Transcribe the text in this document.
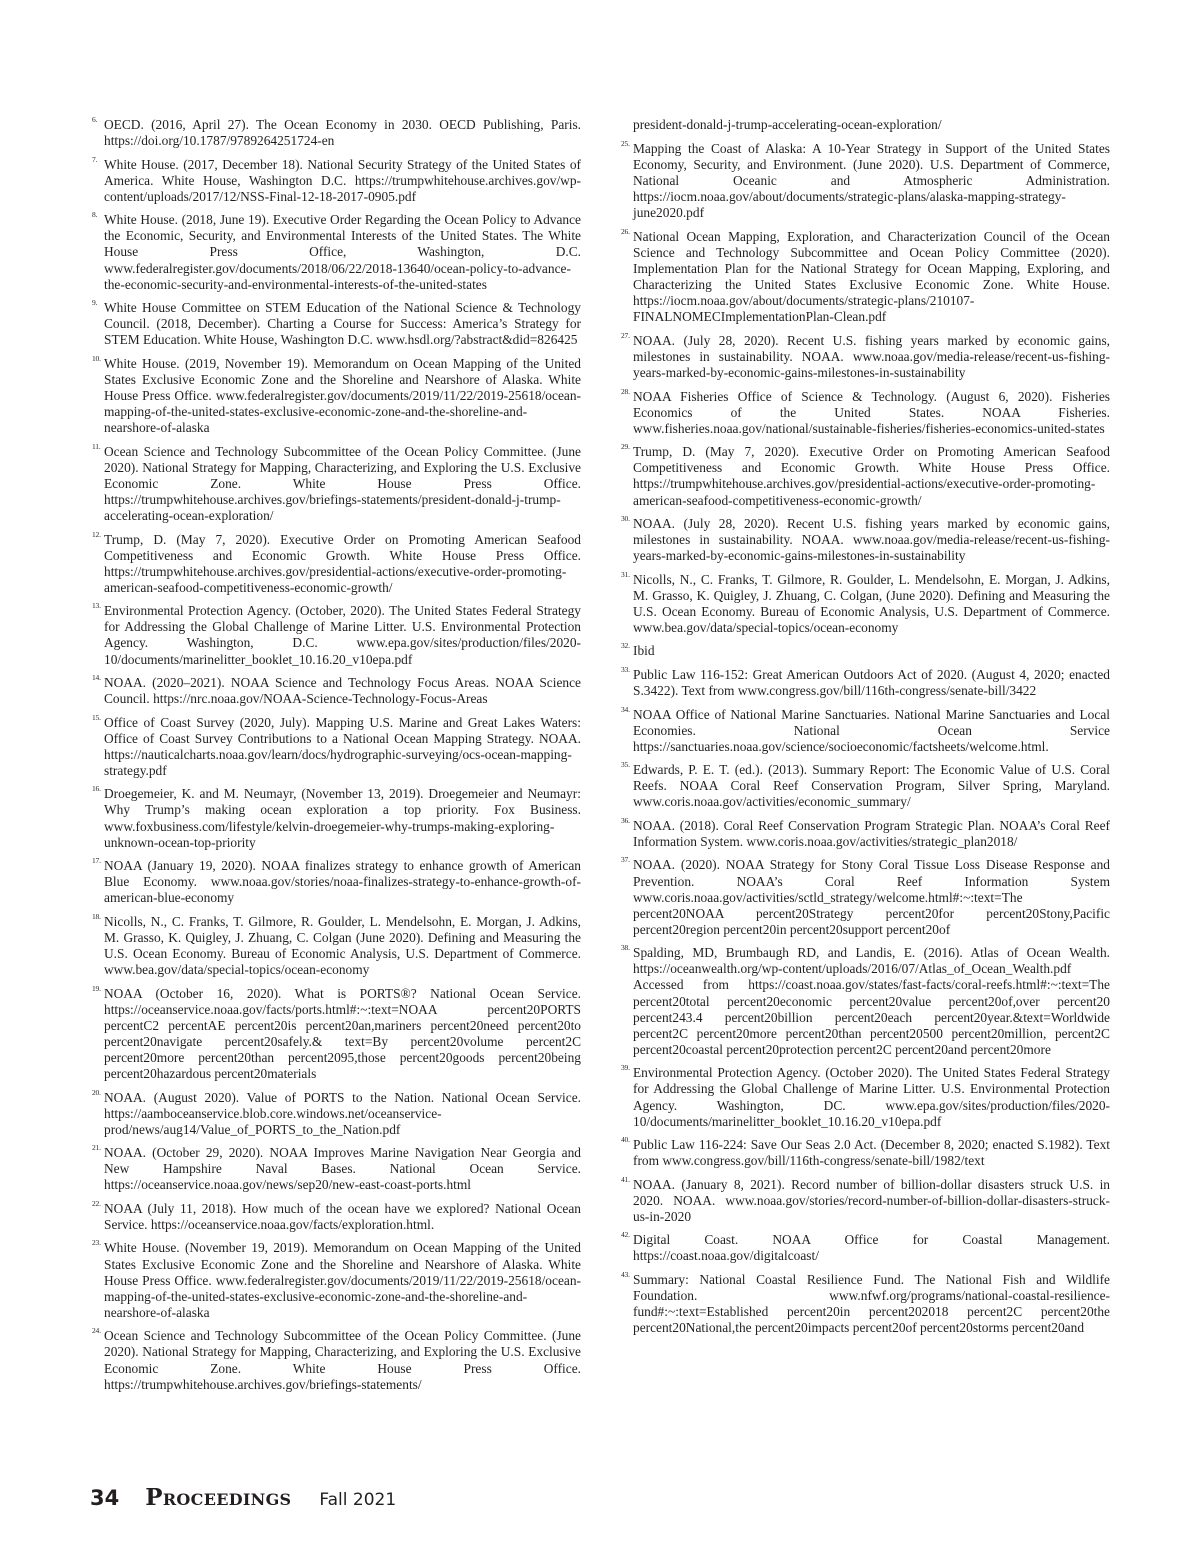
6. OECD. (2016, April 27). The Ocean Economy in 2030. OECD Publishing, Paris. https://doi.org/10.1787/9789264251724-en
7. White House. (2017, December 18). National Security Strategy of the United States of America. White House, Washington D.C. https://trumpwhitehouse.archives.gov/wp-content/uploads/2017/12/NSS-Final-12-18-2017-0905.pdf
8. White House. (2018, June 19). Executive Order Regarding the Ocean Policy to Advance the Economic, Security, and Environmental Interests of the United States. The White House Press Office, Washington, D.C. www.federalregister.gov/documents/2018/06/22/2018-13640/ocean-policy-to-advance-the-economic-security-and-environmental-interests-of-the-united-states
9. White House Committee on STEM Education of the National Science & Technology Council. (2018, December). Charting a Course for Success: America’s Strategy for STEM Education. White House, Washington D.C. www.hsdl.org/?abstract&did=826425
10. White House. (2019, November 19). Memorandum on Ocean Mapping of the United States Exclusive Economic Zone and the Shoreline and Nearshore of Alaska. White House Press Office. www.federalregister.gov/documents/2019/11/22/2019-25618/ocean-mapping-of-the-united-states-exclusive-economic-zone-and-the-shoreline-and-nearshore-of-alaska
11. Ocean Science and Technology Subcommittee of the Ocean Policy Committee. (June 2020). National Strategy for Mapping, Characterizing, and Exploring the U.S. Exclusive Economic Zone. White House Press Office. https://trumpwhitehouse.archives.gov/briefings-statements/president-donald-j-trump-accelerating-ocean-exploration/
12. Trump, D. (May 7, 2020). Executive Order on Promoting American Seafood Competitiveness and Economic Growth. White House Press Office. https://trumpwhitehouse.archives.gov/presidential-actions/executive-order-promoting-american-seafood-competitiveness-economic-growth/
13. Environmental Protection Agency. (October, 2020). The United States Federal Strategy for Addressing the Global Challenge of Marine Litter. U.S. Environmental Protection Agency. Washington, D.C. www.epa.gov/sites/production/files/2020-10/documents/marinelitter_booklet_10.16.20_v10epa.pdf
14. NOAA. (2020–2021). NOAA Science and Technology Focus Areas. NOAA Science Council. https://nrc.noaa.gov/NOAA-Science-Technology-Focus-Areas
15. Office of Coast Survey (2020, July). Mapping U.S. Marine and Great Lakes Waters: Office of Coast Survey Contributions to a National Ocean Mapping Strategy. NOAA. https://nauticalcharts.noaa.gov/learn/docs/hydrographic-surveying/ocs-ocean-mapping-strategy.pdf
16. Droegemeier, K. and M. Neumayr, (November 13, 2019). Droegemeier and Neumayr: Why Trump’s making ocean exploration a top priority. Fox Business. www.foxbusiness.com/lifestyle/kelvin-droegemeier-why-trumps-making-exploring-unknown-ocean-top-priority
17. NOAA (January 19, 2020). NOAA finalizes strategy to enhance growth of American Blue Economy. www.noaa.gov/stories/noaa-finalizes-strategy-to-enhance-growth-of-american-blue-economy
18. Nicolls, N., C. Franks, T. Gilmore, R. Goulder, L. Mendelsohn, E. Morgan, J. Adkins, M. Grasso, K. Quigley, J. Zhuang, C. Colgan (June 2020). Defining and Measuring the U.S. Ocean Economy. Bureau of Economic Analysis, U.S. Department of Commerce. www.bea.gov/data/special-topics/ocean-economy
19. NOAA (October 16, 2020). What is PORTS®? National Ocean Service. https://oceanservice.noaa.gov/facts/ports.html#:~:text=NOAA percent20PORTS percentC2 percentAE percent20is percent20an,mariners percent20need percent20to percent20navigate percent20safely.& text=By percent20volume percent2C percent20more percent20than percent2095,those percent20goods percent20being percent20hazardous percent20materials
20. NOAA. (August 2020). Value of PORTS to the Nation. National Ocean Service. https://aamboceanservice.blob.core.windows.net/oceanservice-prod/news/aug14/Value_of_PORTS_to_the_Nation.pdf
21. NOAA. (October 29, 2020). NOAA Improves Marine Navigation Near Georgia and New Hampshire Naval Bases. National Ocean Service. https://oceanservice.noaa.gov/news/sep20/new-east-coast-ports.html
22. NOAA (July 11, 2018). How much of the ocean have we explored? National Ocean Service. https://oceanservice.noaa.gov/facts/exploration.html.
23. White House. (November 19, 2019). Memorandum on Ocean Mapping of the United States Exclusive Economic Zone and the Shoreline and Nearshore of Alaska. White House Press Office. www.federalregister.gov/documents/2019/11/22/2019-25618/ocean-mapping-of-the-united-states-exclusive-economic-zone-and-the-shoreline-and-nearshore-of-alaska
24. Ocean Science and Technology Subcommittee of the Ocean Policy Committee. (June 2020). National Strategy for Mapping, Characterizing, and Exploring the U.S. Exclusive Economic Zone. White House Press Office. https://trumpwhitehouse.archives.gov/briefings-statements/
president-donald-j-trump-accelerating-ocean-exploration/
25. Mapping the Coast of Alaska: A 10-Year Strategy in Support of the United States Economy, Security, and Environment. (June 2020). U.S. Department of Commerce, National Oceanic and Atmospheric Administration. https://iocm.noaa.gov/about/documents/strategic-plans/alaska-mapping-strategy-june2020.pdf
26. National Ocean Mapping, Exploration, and Characterization Council of the Ocean Science and Technology Subcommittee and Ocean Policy Committee (2020). Implementation Plan for the National Strategy for Ocean Mapping, Exploring, and Characterizing the United States Exclusive Economic Zone. White House. https://iocm.noaa.gov/about/documents/strategic-plans/210107-FINALNOMECImplementationPlan-Clean.pdf
27. NOAA. (July 28, 2020). Recent U.S. fishing years marked by economic gains, milestones in sustainability. NOAA. www.noaa.gov/media-release/recent-us-fishing-years-marked-by-economic-gains-milestones-in-sustainability
28. NOAA Fisheries Office of Science & Technology. (August 6, 2020). Fisheries Economics of the United States. NOAA Fisheries. www.fisheries.noaa.gov/national/sustainable-fisheries/fisheries-economics-united-states
29. Trump, D. (May 7, 2020). Executive Order on Promoting American Seafood Competitiveness and Economic Growth. White House Press Office. https://trumpwhitehouse.archives.gov/presidential-actions/executive-order-promoting-american-seafood-competitiveness-economic-growth/
30. NOAA. (July 28, 2020). Recent U.S. fishing years marked by economic gains, milestones in sustainability. NOAA. www.noaa.gov/media-release/recent-us-fishing-years-marked-by-economic-gains-milestones-in-sustainability
31. Nicolls, N., C. Franks, T. Gilmore, R. Goulder, L. Mendelsohn, E. Morgan, J. Adkins, M. Grasso, K. Quigley, J. Zhuang, C. Colgan, (June 2020). Defining and Measuring the U.S. Ocean Economy. Bureau of Economic Analysis, U.S. Department of Commerce. www.bea.gov/data/special-topics/ocean-economy
32. Ibid
33. Public Law 116-152: Great American Outdoors Act of 2020. (August 4, 2020; enacted S.3422). Text from www.congress.gov/bill/116th-congress/senate-bill/3422
34. NOAA Office of National Marine Sanctuaries. National Marine Sanctuaries and Local Economies. National Ocean Service https://sanctuaries.noaa.gov/science/socioeconomic/factsheets/welcome.html.
35. Edwards, P. E. T. (ed.). (2013). Summary Report: The Economic Value of U.S. Coral Reefs. NOAA Coral Reef Conservation Program, Silver Spring, Maryland. www.coris.noaa.gov/activities/economic_summary/
36. NOAA. (2018). Coral Reef Conservation Program Strategic Plan. NOAA’s Coral Reef Information System. www.coris.noaa.gov/activities/strategic_plan2018/
37. NOAA. (2020). NOAA Strategy for Stony Coral Tissue Loss Disease Response and Prevention. NOAA’s Coral Reef Information System www.coris.noaa.gov/activities/sctld_strategy/welcome.html#:~:text=The percent20NOAA percent20Strategy percent20for percent20Stony,Pacific percent20region percent20in percent20support percent20of
38. Spalding, MD, Brumbaugh RD, and Landis, E. (2016). Atlas of Ocean Wealth. https://oceanwealth.org/wp-content/uploads/2016/07/Atlas_of_Ocean_Wealth.pdf Accessed from https://coast.noaa.gov/states/fast-facts/coral-reefs.html#:~:text=The percent20total percent20economic percent20value percent20of,over percent20 percent243.4 percent20billion percent20each percent20year.&text=Worldwide percent2C percent20more percent20than percent20500 percent20million, percent2C percent20coastal percent20protection percent2C percent20and percent20more
39. Environmental Protection Agency. (October 2020). The United States Federal Strategy for Addressing the Global Challenge of Marine Litter. U.S. Environmental Protection Agency. Washington, DC. www.epa.gov/sites/production/files/2020-10/documents/marinelitter_booklet_10.16.20_v10epa.pdf
40. Public Law 116-224: Save Our Seas 2.0 Act. (December 8, 2020; enacted S.1982). Text from www.congress.gov/bill/116th-congress/senate-bill/1982/text
41. NOAA. (January 8, 2021). Record number of billion-dollar disasters struck U.S. in 2020. NOAA. www.noaa.gov/stories/record-number-of-billion-dollar-disasters-struck-us-in-2020
42. Digital Coast. NOAA Office for Coastal Management. https://coast.noaa.gov/digitalcoast/
43. Summary: National Coastal Resilience Fund. The National Fish and Wildlife Foundation. www.nfwf.org/programs/national-coastal-resilience-fund#:~:text=Established percent20in percent202018 percent2C percent20the percent20National,the percent20impacts percent20of percent20storms percent20and
34 Proceedings Fall 2021
